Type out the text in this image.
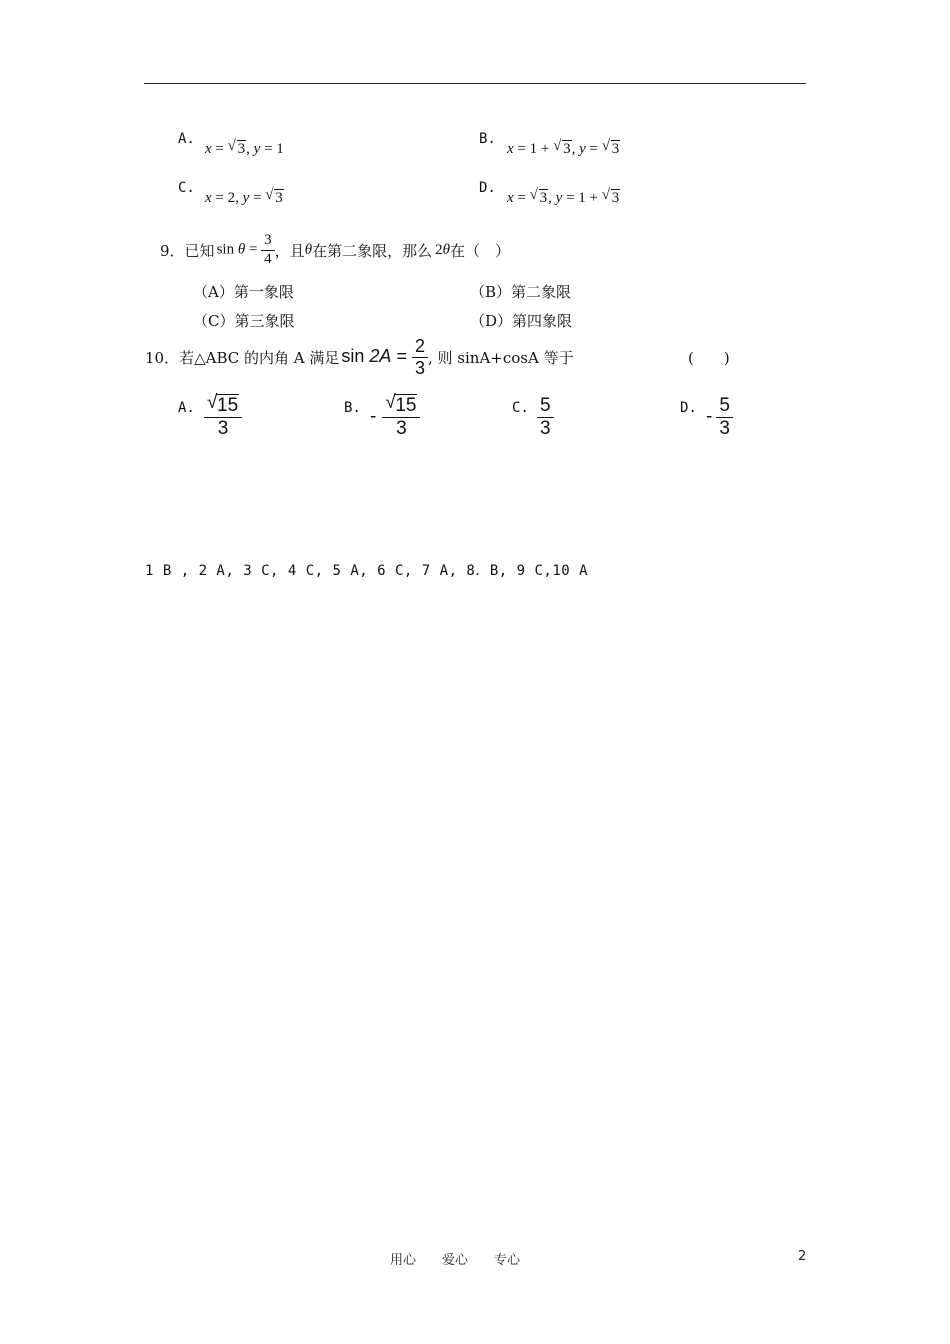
A.
x = √ 3, y = 1
B.
x = 1 + √ 3, y = √ 3
C.
x = 2, y = √ 3
D.
x = √ 3, y = 1 + √ 3
9． 已知 $\sin \theta = \frac{3}{4}$ ，且 θ 在第二象限，那么 2θ 在（　）
（A）第一象限	（B）第二象限
（C）第三象限	（D）第四象限
10． 若△ABC 的内角 A 满足 $\sin 2A = \frac{2}{3}$ , 则 sinA+cosA 等于	(　　)
A. $\frac{√ 15}{3}$	B. - $\frac{√ 15}{3}$	C. $\frac{5}{3}$	D. - $\frac{5}{3}$
1 B , 2 A, 3 C, 4 C, 5 A, 6 C, 7 A, 8．B, 9 C,10 A
用心　　爱心　　专心	2
